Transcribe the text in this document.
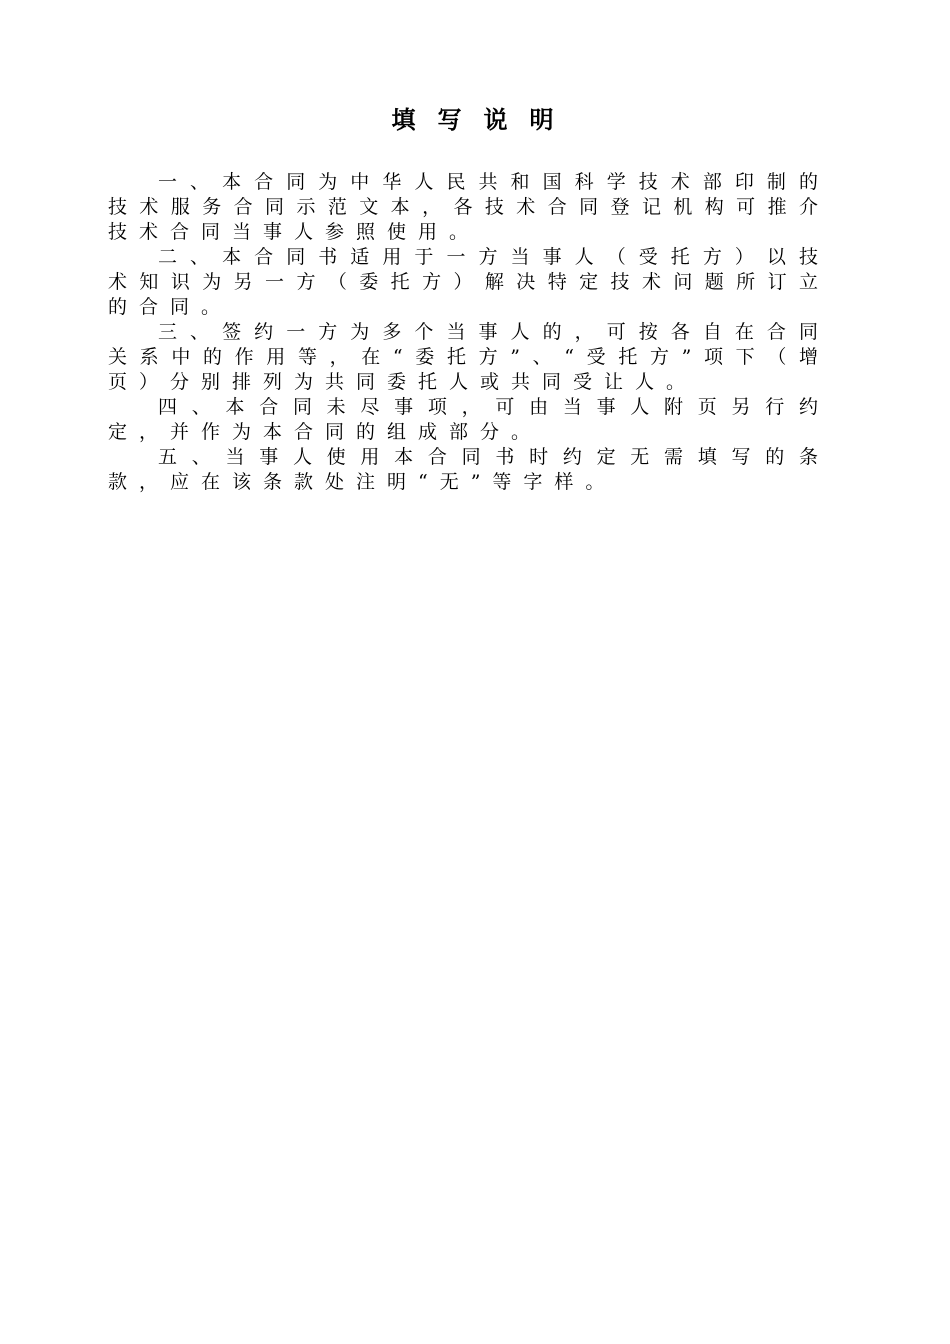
填写说明

一、本合同为中华人民共和国科学技术部印制的技术服务合同示范文本，各技术合同登记机构可推介技术合同当事人参照使用。

二、本合同书适用于一方当事人（受托方）以技术知识为另一方（委托方）解决特定技术问题所订立的合同。

三、签约一方为多个当事人的，可按各自在合同关系中的作用等，在“委托方”、“受托方”项下（增页）分别排列为共同委托人或共同受让人。

四、本合同未尽事项，可由当事人附页另行约定，并作为本合同的组成部分。

五、当事人使用本合同书时约定无需填写的条款，应在该条款处注明“无”等字样。
